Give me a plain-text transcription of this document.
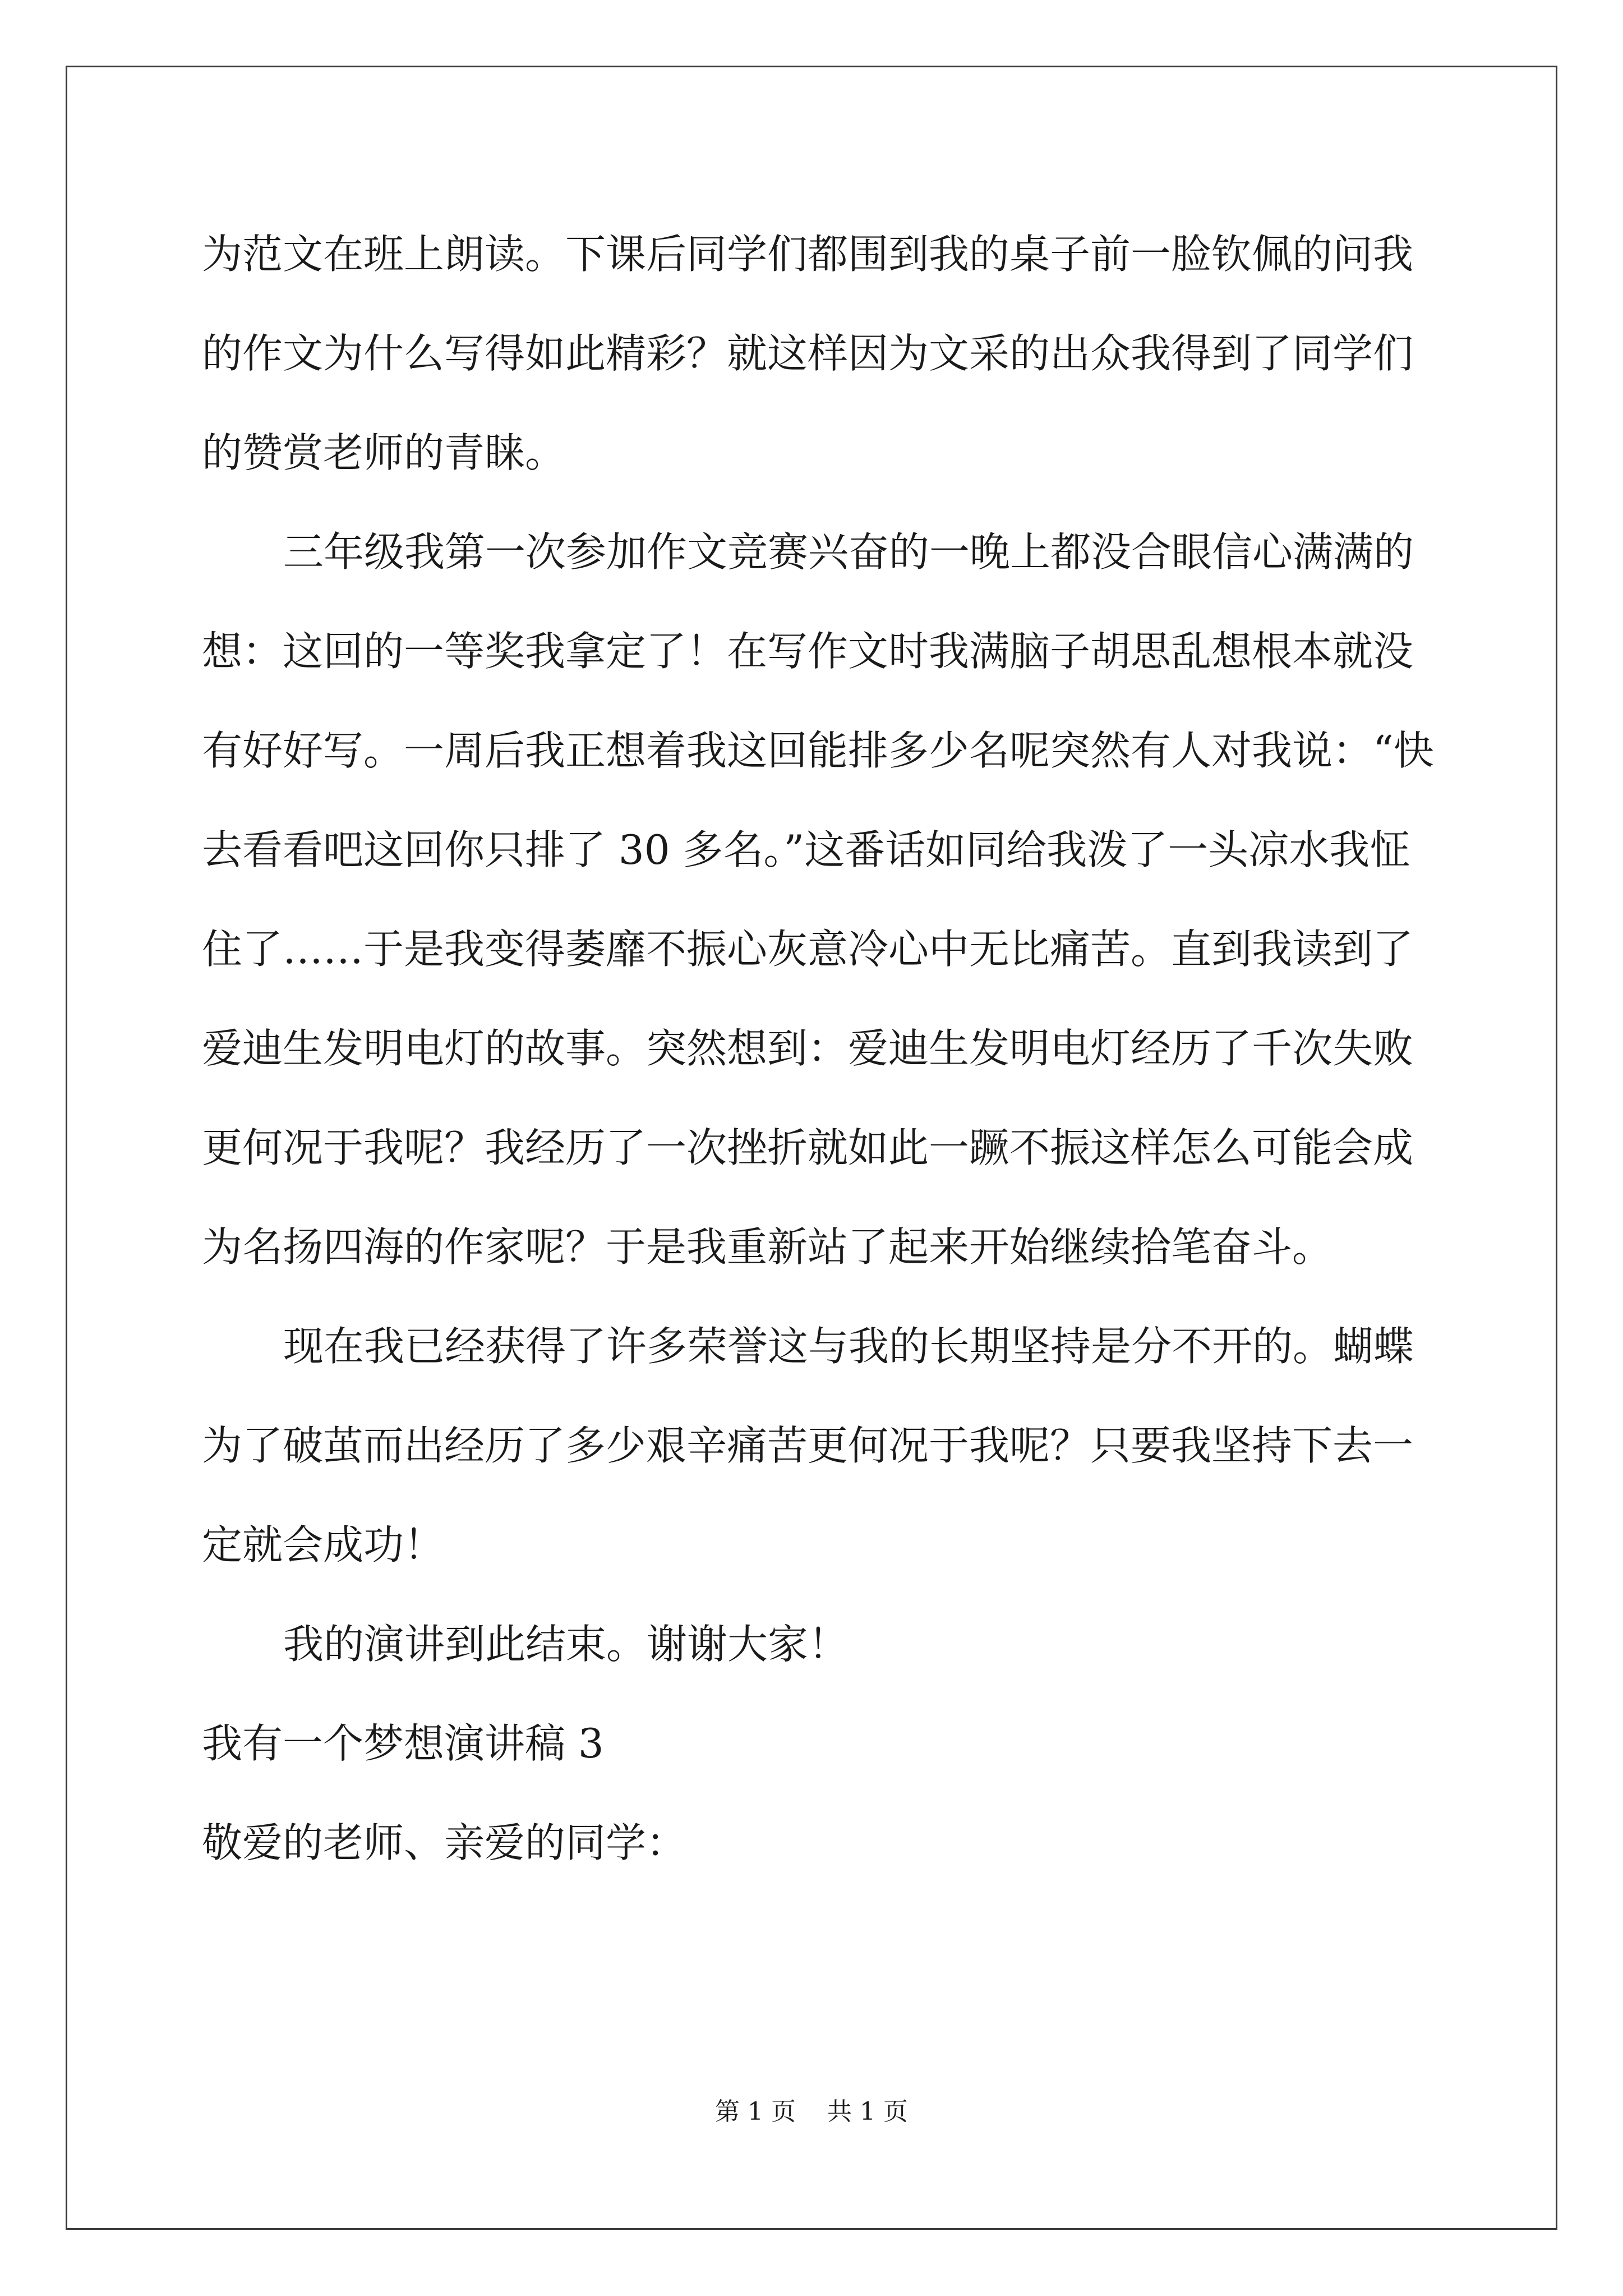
为范文在班上朗读。下课后同学们都围到我的桌子前一脸钦佩的问我

的作文为什么写得如此精彩？就这样因为文采的出众我得到了同学们

的赞赏老师的青睐。

三年级我第一次参加作文竞赛兴奋的一晚上都没合眼信心满满的

想：这回的一等奖我拿定了！在写作文时我满脑子胡思乱想根本就没

有好好写。一周后我正想着我这回能排多少名呢突然有人对我说：“快

去看看吧这回你只排了 30 多名。”这番话如同给我泼了一头凉水我怔

住了……于是我变得萎靡不振心灰意冷心中无比痛苦。直到我读到了

爱迪生发明电灯的故事。突然想到：爱迪生发明电灯经历了千次失败

更何况于我呢？我经历了一次挫折就如此一蹶不振这样怎么可能会成

为名扬四海的作家呢？于是我重新站了起来开始继续拾笔奋斗。

现在我已经获得了许多荣誉这与我的长期坚持是分不开的。蝴蝶

为了破茧而出经历了多少艰辛痛苦更何况于我呢？只要我坚持下去一

定就会成功！

我的演讲到此结束。谢谢大家！

我有一个梦想演讲稿 3

敬爱的老师、亲爱的同学：

第 1 页    共 1 页
